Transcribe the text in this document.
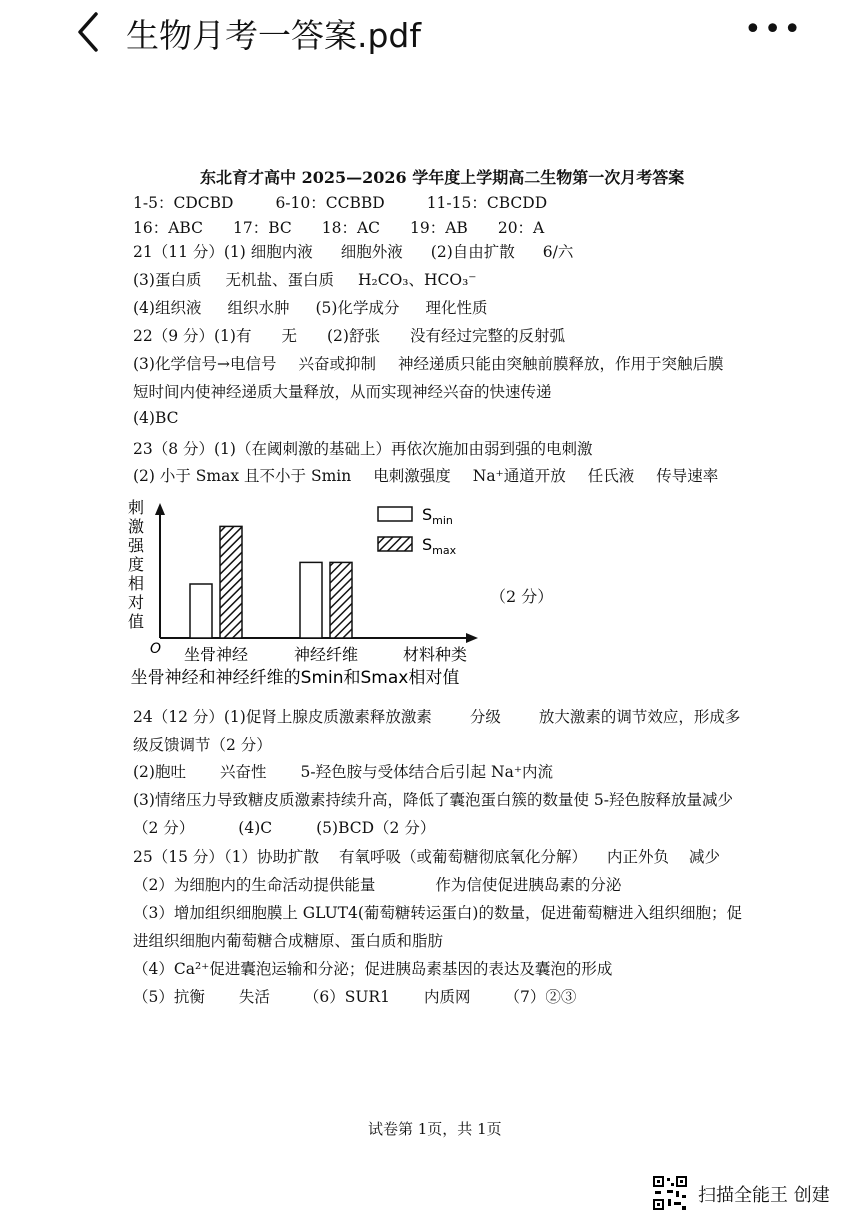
生物月考一答案.pdf	•••
东北育才高中 2025—2026 学年度上学期高二生物第一次月考答案
1-5：CDCBD	6-10：CCBBD	11-15：CBCDD
16：ABC 17：BC 18：AC 19：AB 20：A
21（11 分）(1) 细胞内液 细胞外液 (2)自由扩散 6/六
(3)蛋白质 无机盐、蛋白质 H₂CO₃、HCO₃⁻
(4)组织液 组织水肿 (5)化学成分 理化性质
22（9 分）(1)有 无 (2)舒张 没有经过完整的反射弧
(3)化学信号→电信号 兴奋或抑制 神经递质只能由突触前膜释放，作用于突触后膜
短时间内使神经递质大量释放，从而实现神经兴奋的快速传递
(4)BC
23（8 分）(1)（在阈刺激的基础上）再依次施加由弱到强的电刺激
(2) 小于 Smax 且不小于 Smin 电刺激强度 Na⁺通道开放 任氏液 传导速率
刺
激
强
度
相
对
值
O 坐骨神经	神经纤维	材料种类
$S_{min}$
$S_{max}$
坐骨神经和神经纤维的Smin和Smax相对值
（2 分）
24（12 分）(1)促肾上腺皮质激素释放激素 分级 放大激素的调节效应，形成多
级反馈调节（2 分）
(2)胞吐 兴奋性 5-羟色胺与受体结合后引起 Na⁺内流
(3)情绪压力导致糖皮质激素持续升高，降低了囊泡蛋白簇的数量使 5-羟色胺释放量减少
（2 分）	(4)C	(5)BCD（2 分）
25（15 分）（1）协助扩散 有氧呼吸（或葡萄糖彻底氧化分解） 内正外负 减少
（2）为细胞内的生命活动提供能量	作为信使促进胰岛素的分泌
（3）增加组织细胞膜上 GLUT4(葡萄糖转运蛋白)的数量，促进葡萄糖进入组织细胞；促
进组织细胞内葡萄糖合成糖原、蛋白质和脂肪
（4）Ca²⁺促进囊泡运输和分泌；促进胰岛素基因的表达及囊泡的形成
（5）抗衡 失活 （6）SUR1 内质网 （7）②③
试卷第 1页，共 1页
扫描全能王 创建
